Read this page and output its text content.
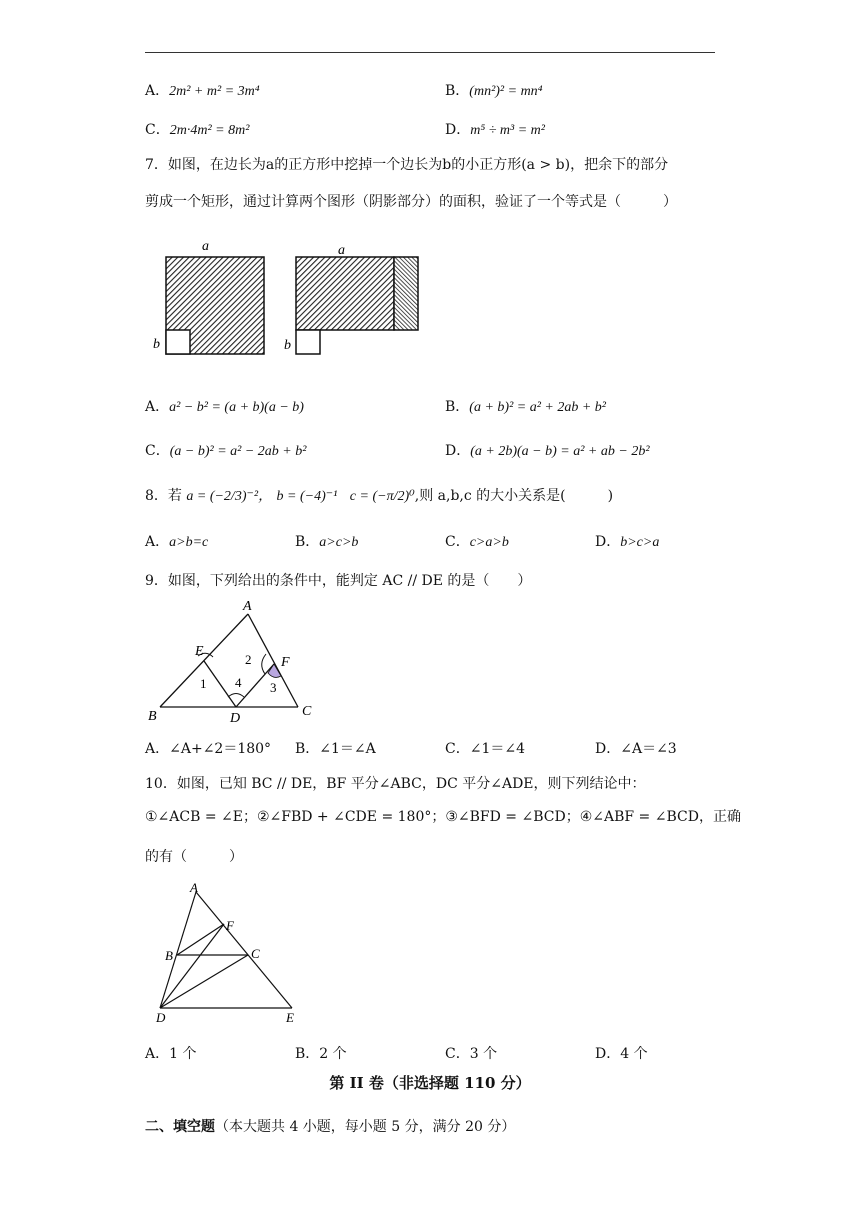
A．2m² + m² = 3m⁴	B．(mn²)² = mn⁴
C．2m·4m² = 8m²	D．m⁵ ÷ m³ = m²
7．如图，在边长为a的正方形中挖掉一个边长为b的小正方形(a > b)，把余下的部分
剪成一个矩形，通过计算两个图形（阴影部分）的面积，验证了一个等式是（　　　）
a
b
a
b
A．a² − b² = (a + b)(a − b)	B．(a + b)² = a² + 2ab + b²
C．(a − b)² = a² − 2ab + b²	D．(a + 2b)(a − b) = a² + ab − 2b²
8．若 a = (−2/3)⁻²， b = (−4)⁻¹ c = (−π/2)⁰,则 a,b,c 的大小关系是(　　　)
A．a>b=c	B．a>c>b	C．c>a>b	D．b>c>a
9．如图，下列给出的条件中，能判定 AC // DE 的是（　　）
A
B	C
D
E
F
1
2
3
4
A．∠A+∠2＝180° B．∠1＝∠A	C．∠1＝∠4	D．∠A＝∠3
10．如图，已知 BC // DE，BF 平分∠ABC，DC 平分∠ADE，则下列结论中：
①∠ACB = ∠E；②∠FBD + ∠CDE = 180°；③∠BFD = ∠BCD；④∠ABF = ∠BCD，正确
的有（　　　）
A
B	C
D	E
F
A．1 个	B．2 个	C．3 个	D．4 个
第 II 卷（非选择题 110 分）
二、填空题（本大题共 4 小题，每小题 5 分，满分 20 分）
